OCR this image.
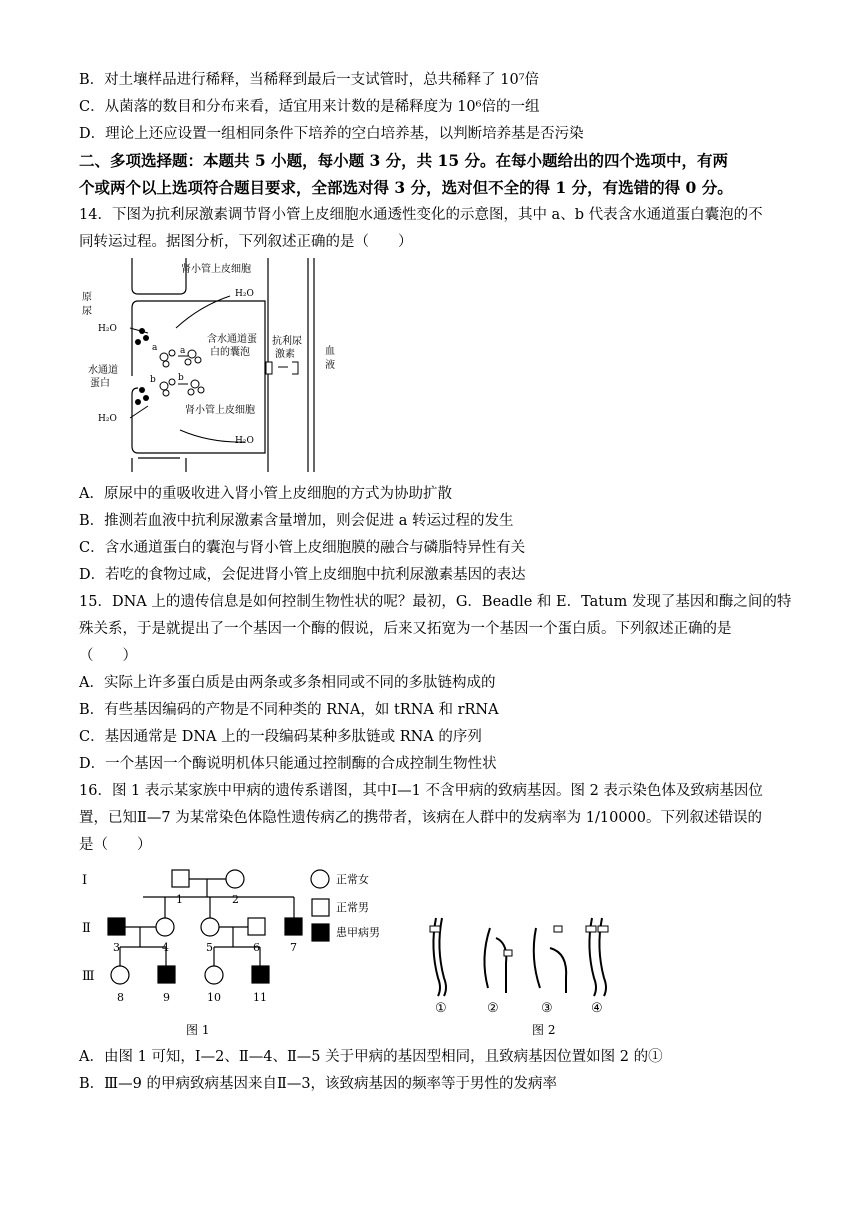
B．对土壤样品进行稀释，当稀释到最后一支试管时，总共稀释了 10⁷倍
C．从菌落的数目和分布来看，适宜用来计数的是稀释度为 10⁶倍的一组
D．理论上还应设置一组相同条件下培养的空白培养基，以判断培养基是否污染
二、多项选择题：本题共 5 小题，每小题 3 分，共 15 分。在每小题给出的四个选项中，有两
个或两个以上选项符合题目要求，全部选对得 3 分，选对但不全的得 1 分，有选错的得 0 分。
14．下图为抗利尿激素调节肾小管上皮细胞水通透性变化的示意图，其中 a、b 代表含水通道蛋白囊泡的不
同转运过程。据图分析，下列叙述正确的是（　　）
肾小管上皮细胞
原
尿
H₂O
H₂O
水通道
蛋白
H₂O
H₂O
含水通道蛋
白的囊泡
抗利尿
激素	血
液
a	a
b b
肾小管上皮细胞
A．原尿中的重吸收进入肾小管上皮细胞的方式为协助扩散
B．推测若血液中抗利尿激素含量增加，则会促进 a 转运过程的发生
C．含水通道蛋白的囊泡与肾小管上皮细胞膜的融合与磷脂特异性有关
D．若吃的食物过咸，会促进肾小管上皮细胞中抗利尿激素基因的表达
15．DNA 上的遗传信息是如何控制生物性状的呢？最初，G．Beadle 和 E．Tatum 发现了基因和酶之间的特
殊关系，于是就提出了一个基因一个酶的假说，后来又拓宽为一个基因一个蛋白质。下列叙述正确的是
（　　）
A．实际上许多蛋白质是由两条或多条相同或不同的多肽链构成的
B．有些基因编码的产物是不同种类的 RNA，如 tRNA 和 rRNA
C．基因通常是 DNA 上的一段编码某种多肽链或 RNA 的序列
D．一个基因一个酶说明机体只能通过控制酶的合成控制生物性状
16．图 1 表示某家族中甲病的遗传系谱图，其中Ⅰ—1 不含甲病的致病基因。图 2 表示染色体及致病基因位
置，已知Ⅱ—7 为某常染色体隐性遗传病乙的携带者，该病在人群中的发病率为 1/10000。下列叙述错误的
是（　　）
Ⅰ
Ⅱ
Ⅲ
1	2
3	4	5	6	7
8	9	10	11
正常女
正常男
患甲病男
图 1
①	②	③	④
图 2
A．由图 1 可知，Ⅰ—2、Ⅱ—4、Ⅱ—5 关于甲病的基因型相同，且致病基因位置如图 2 的①
B．Ⅲ—9 的甲病致病基因来自Ⅱ—3，该致病基因的频率等于男性的发病率
